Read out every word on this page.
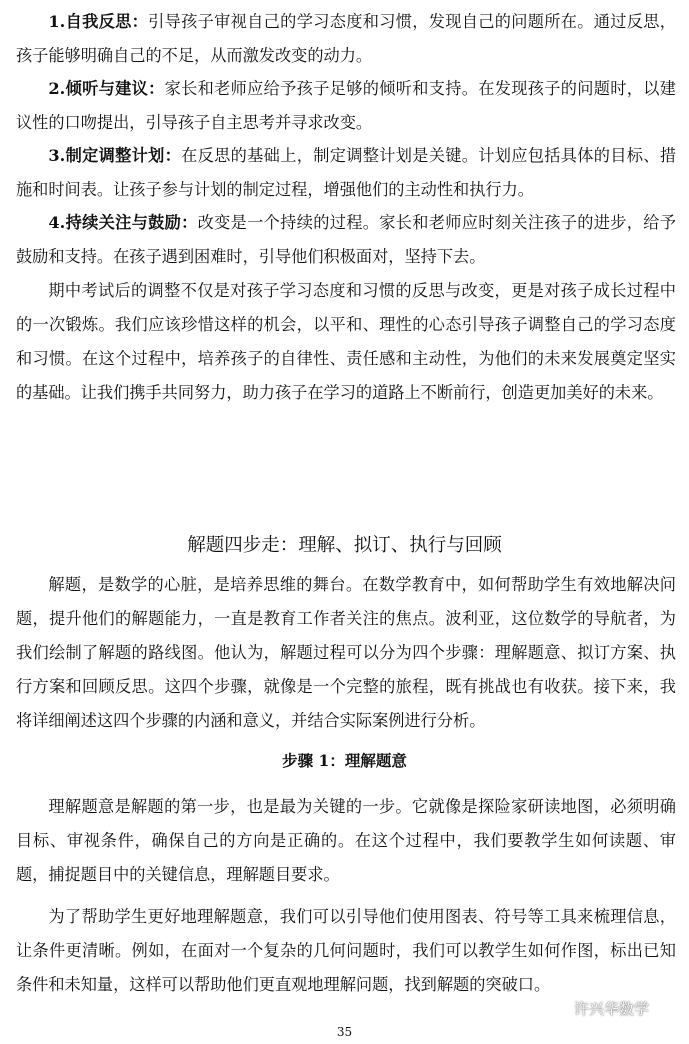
1.自我反思：引导孩子审视自己的学习态度和习惯，发现自己的问题所在。通过反思，孩子能够明确自己的不足，从而激发改变的动力。

2.倾听与建议：家长和老师应给予孩子足够的倾听和支持。在发现孩子的问题时，以建议性的口吻提出，引导孩子自主思考并寻求改变。

3.制定调整计划：在反思的基础上，制定调整计划是关键。计划应包括具体的目标、措施和时间表。让孩子参与计划的制定过程，增强他们的主动性和执行力。

4.持续关注与鼓励：改变是一个持续的过程。家长和老师应时刻关注孩子的进步，给予鼓励和支持。在孩子遇到困难时，引导他们积极面对，坚持下去。

期中考试后的调整不仅是对孩子学习态度和习惯的反思与改变，更是对孩子成长过程中的一次锻炼。我们应该珍惜这样的机会，以平和、理性的心态引导孩子调整自己的学习态度和习惯。在这个过程中，培养孩子的自律性、责任感和主动性，为他们的未来发展奠定坚实的基础。让我们携手共同努力，助力孩子在学习的道路上不断前行，创造更加美好的未来。

解题四步走：理解、拟订、执行与回顾

解题，是数学的心脏，是培养思维的舞台。在数学教育中，如何帮助学生有效地解决问题，提升他们的解题能力，一直是教育工作者关注的焦点。波利亚，这位数学的导航者，为我们绘制了解题的路线图。他认为，解题过程可以分为四个步骤：理解题意、拟订方案、执行方案和回顾反思。这四个步骤，就像是一个完整的旅程，既有挑战也有收获。接下来，我将详细阐述这四个步骤的内涵和意义，并结合实际案例进行分析。

步骤 1：理解题意

理解题意是解题的第一步，也是最为关键的一步。它就像是探险家研读地图，必须明确目标、审视条件，确保自己的方向是正确的。在这个过程中，我们要教学生如何读题、审题，捕捉题目中的关键信息，理解题目要求。

为了帮助学生更好地理解题意，我们可以引导他们使用图表、符号等工具来梳理信息，让条件更清晰。例如，在面对一个复杂的几何问题时，我们可以教学生如何作图，标出已知条件和未知量，这样可以帮助他们更直观地理解问题，找到解题的突破口。

35
许兴华数学
